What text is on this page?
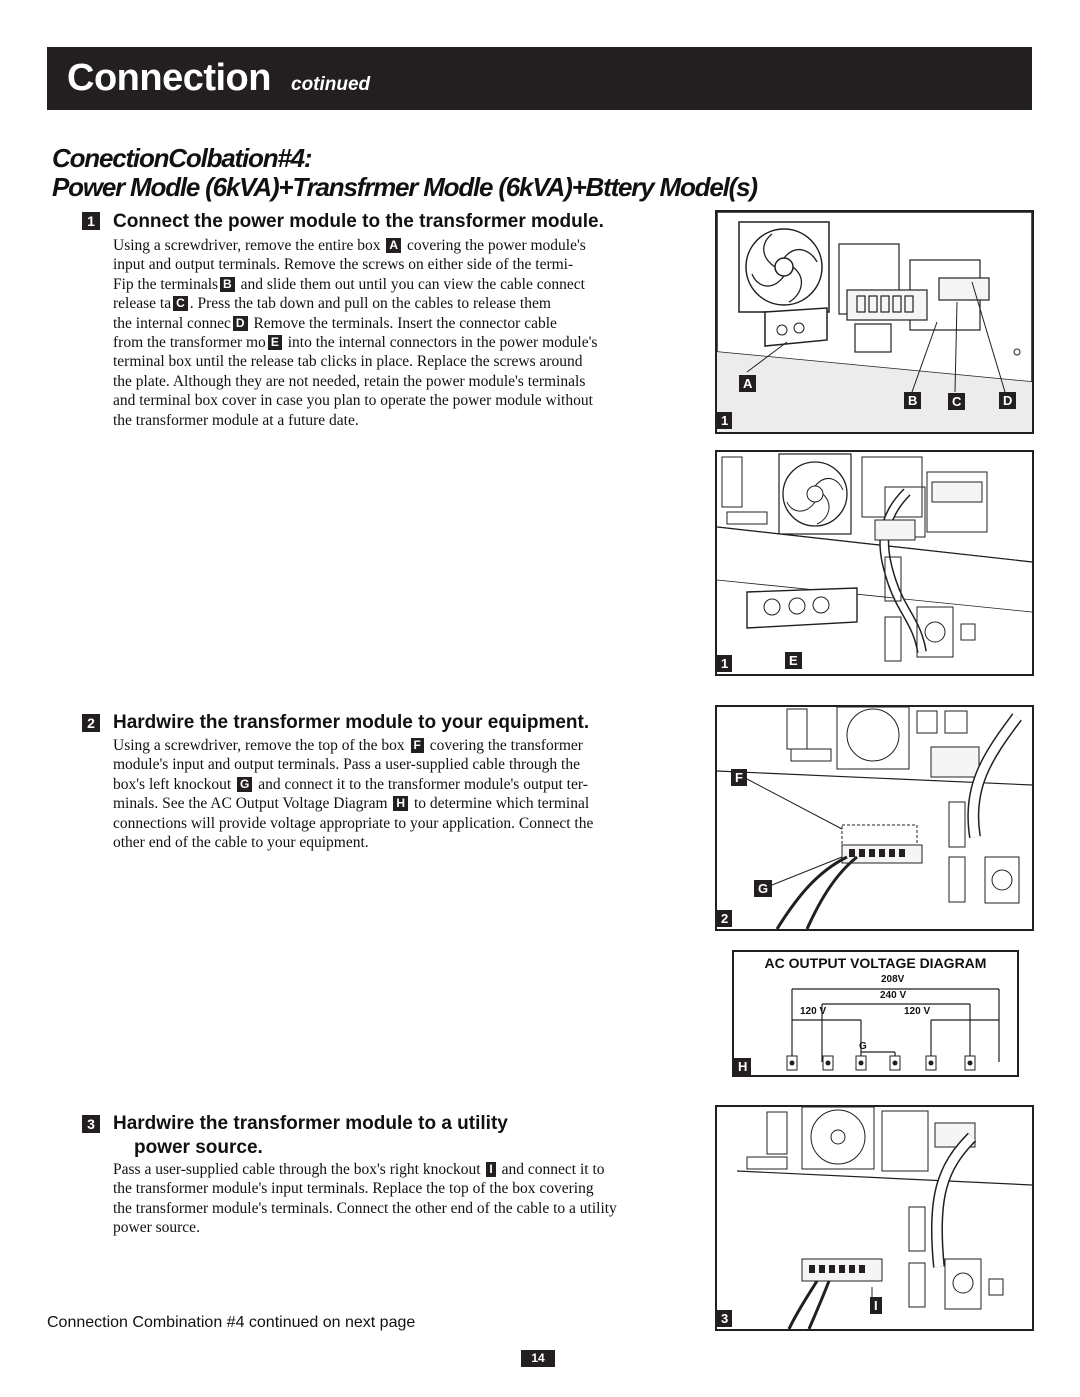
Connection cotinued
ConectionColbation#4:
Power Modle (6kVA)+Transfrmer Modle (6kVA)+Bttery Model(s)
1 Connect the power module to the transformer module.
Using a screwdriver, remove the entire box A covering the power module's
input and output terminals. Remove the screws on either side of the termi-
Fip the terminals B and slide them out until you can view the cable connect
release ta C . Press the tab down and pull on the cables to release them
the internal connec D Remove the terminals. Insert the connector cable
from the transformer mo E into the internal connectors in the power module's
terminal box until the release tab clicks in place. Replace the screws around
the plate. Although they are not needed, retain the power module's terminals
and terminal box cover in case you plan to operate the power module without
the transformer module at a future date.
A
B	C	D
1
1	E
2 Hardwire the transformer module to your equipment.
Using a screwdriver, remove the top of the box F covering the transformer
module's input and output terminals. Pass a user-supplied cable through the
box's left knockout G and connect it to the transformer module's output ter-
minals. See the AC Output Voltage Diagram H to determine which terminal
connections will provide voltage appropriate to your application. Connect the
other end of the cable to your equipment.
F
G
2
AC OUTPUT VOLTAGE DIAGRAM
208V
240 V
120 V	120 V
G
H
3 Hardwire the transformer module to a utility
power source.
Pass a user-supplied cable through the box's right knockout I and connect it to
the transformer module's input terminals. Replace the top of the box covering
the transformer module's terminals. Connect the other end of the cable to a utility
power source.
I
3
Connection Combination #4 continued on next page
14
